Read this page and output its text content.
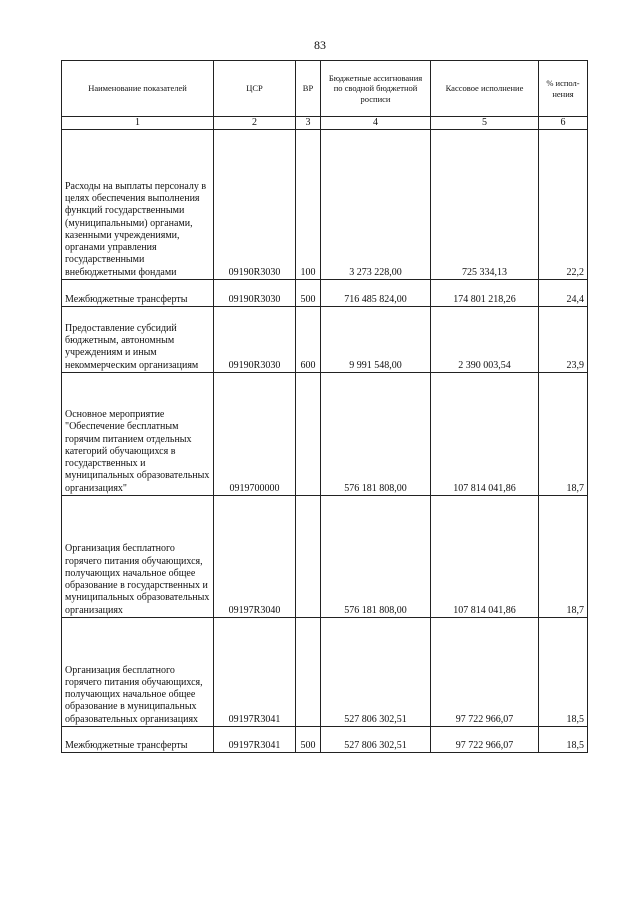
83
Наименование показателей	ЦСР	ВР	Бюджетные ассигнования по сводной бюджетной росписи	Кассовое исполнение	% испол-нения
1	2	3	4	5	6
Расходы на выплаты персоналу в целях обеспечения выполнения функций государственными (муниципальными) органами, казенными учреждениями, органами управления государственными внебюджетными фондами	09190R3030	100	3 273 228,00	725 334,13	22,2
Межбюджетные трансферты	09190R3030	500	716 485 824,00	174 801 218,26	24,4
Предоставление субсидий бюджетным, автономным учреждениям и иным некоммерческим организациям	09190R3030	600	9 991 548,00	2 390 003,54	23,9
Основное мероприятие "Обеспечение бесплатным горячим питанием отдельных категорий обучающихся в государственных и муниципальных образовательных организациях"	0919700000		576 181 808,00	107 814 041,86	18,7
Организация бесплатного горячего питания обучающихся, получающих начальное общее образование в государственных и муниципальных образовательных организациях	09197R3040		576 181 808,00	107 814 041,86	18,7
Организация бесплатного горячего питания обучающихся, получающих начальное общее образование в муниципальных образовательных организациях	09197R3041		527 806 302,51	97 722 966,07	18,5
Межбюджетные трансферты	09197R3041	500	527 806 302,51	97 722 966,07	18,5
